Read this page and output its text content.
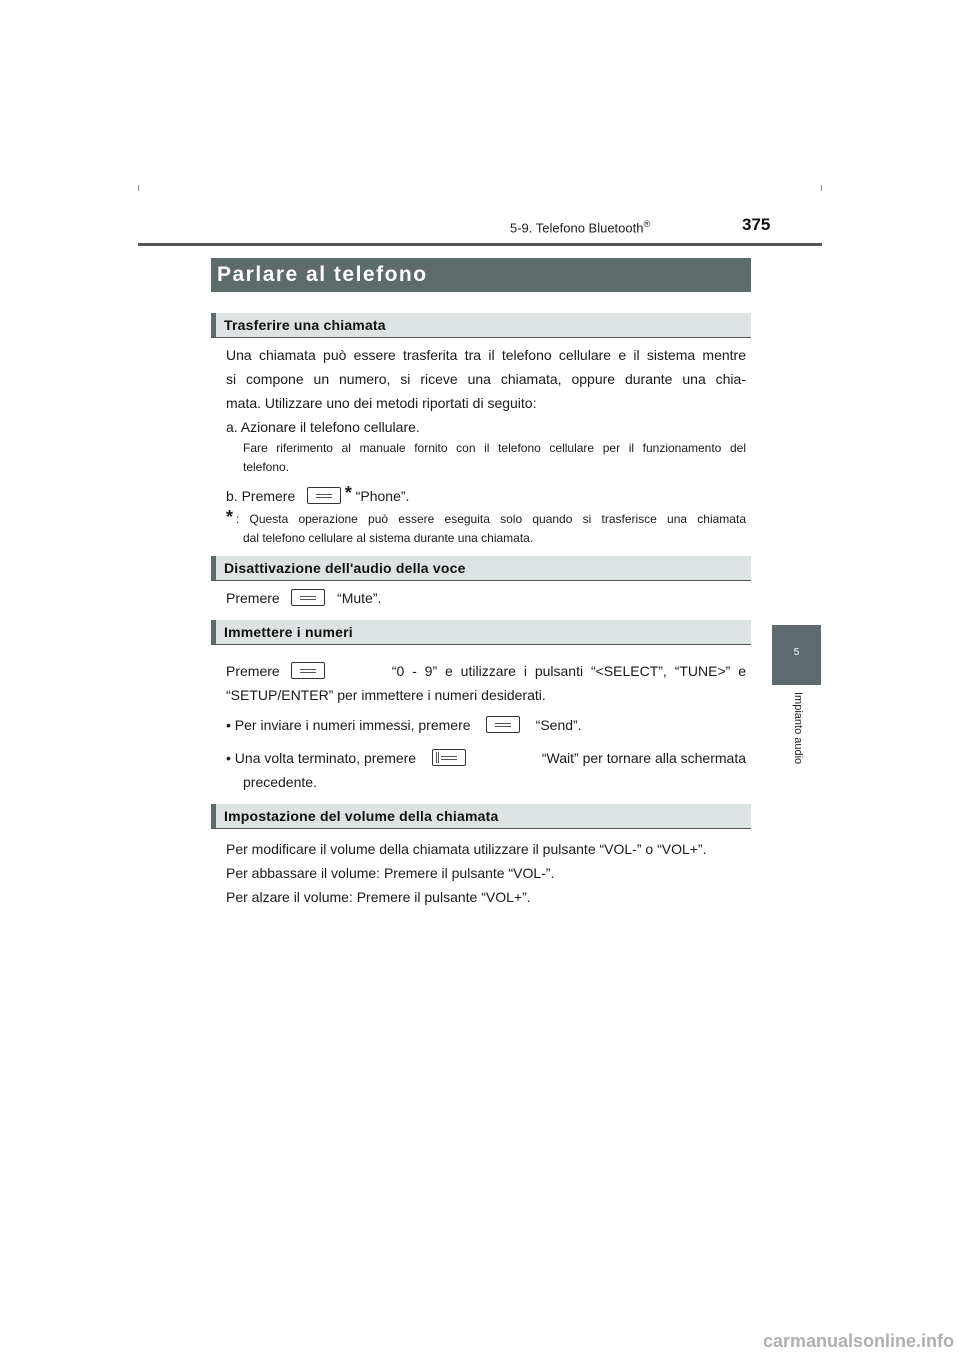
5-9. Telefono Bluetooth®	375
5
Impianto audio
Parlare al telefono
Trasferire una chiamata
Una chiamata può essere trasferita tra il telefono cellulare e il sistema mentre
si compone un numero, si riceve una chiamata, oppure durante una chia-
mata. Utilizzare uno dei metodi riportati di seguito:
a. Azionare il telefono cellulare.
Fare riferimento al manuale fornito con il telefono cellulare per il funzionamento del
telefono.
b. Premere	* “Phone”.
* : Questa operazione può essere eseguita solo quando si trasferisce una chiamata
dal telefono cellulare al sistema durante una chiamata.
Disattivazione dell'audio della voce
Premere	“Mute”.
Immettere i numeri
Premere	“0 - 9” e utilizzare i pulsanti “<SELECT”, “TUNE>” e
“SETUP/ENTER” per immettere i numeri desiderati.
• Per inviare i numeri immessi, premere	“Send”.
• Una volta terminato, premere	“Wait” per tornare alla schermata
precedente.
Impostazione del volume della chiamata
Per modificare il volume della chiamata utilizzare il pulsante “VOL-” o “VOL+”.
Per abbassare il volume: Premere il pulsante “VOL-”.
Per alzare il volume: Premere il pulsante “VOL+”.
carmanualsonline.info
